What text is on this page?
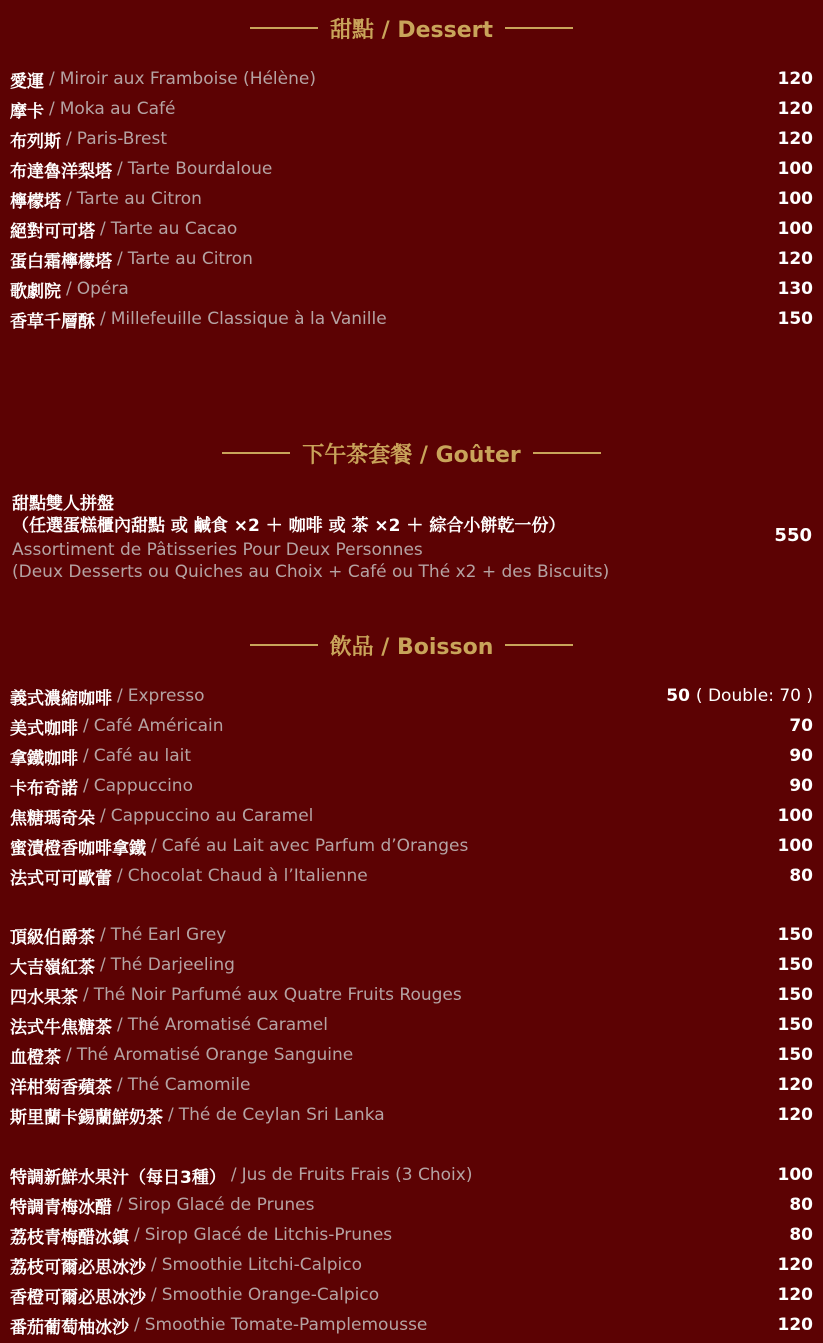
甜點 / Dessert
愛運 / Miroir aux Framboise (Hélène)	120
摩卡 / Moka au Café	120
布列斯 / Paris-Brest	120
布達魯洋梨塔 / Tarte Bourdaloue	100
檸檬塔 / Tarte au Citron	100
絕對可可塔 / Tarte au Cacao	100
蛋白霜檸檬塔 / Tarte au Citron	120
歌劇院 / Opéra	130
香草千層酥 / Millefeuille Classique à la Vanille	150
下午茶套餐 / Goûter
甜點雙人拼盤
（任選蛋糕櫃內甜點 或 鹹食 ×2 ＋ 咖啡 或 茶 ×2 ＋ 綜合小餅乾一份）
Assortiment de Pâtisseries Pour Deux Personnes
(Deux Desserts ou Quiches au Choix + Café ou Thé x2 + des Biscuits)
550
飲品 / Boisson
義式濃縮咖啡 / Expresso	50 ( Double: 70 )
美式咖啡 / Café Américain	70
拿鐵咖啡 / Café au lait	90
卡布奇諾 / Cappuccino	90
焦糖瑪奇朵 / Cappuccino au Caramel	100
蜜漬橙香咖啡拿鐵 / Café au Lait avec Parfum d’Oranges	100
法式可可歐蕾 / Chocolat Chaud à l’Italienne	80
頂級伯爵茶 / Thé Earl Grey	150
大吉嶺紅茶 / Thé Darjeeling	150
四水果茶 / Thé Noir Parfumé aux Quatre Fruits Rouges	150
法式牛焦糖茶 / Thé Aromatisé Caramel	150
血橙茶 / Thé Aromatisé Orange Sanguine	150
洋柑菊香蘋茶 / Thé Camomile	120
斯里蘭卡錫蘭鮮奶茶 / Thé de Ceylan Sri Lanka	120
特調新鮮水果汁（每日3種） / Jus de Fruits Frais (3 Choix)	100
特調青梅冰醋 / Sirop Glacé de Prunes	80
荔枝青梅醋冰鎮 / Sirop Glacé de Litchis-Prunes	80
荔枝可爾必思冰沙 / Smoothie Litchi-Calpico	120
香橙可爾必思冰沙 / Smoothie Orange-Calpico	120
番茄葡萄柚冰沙 / Smoothie Tomate-Pamplemousse	120
